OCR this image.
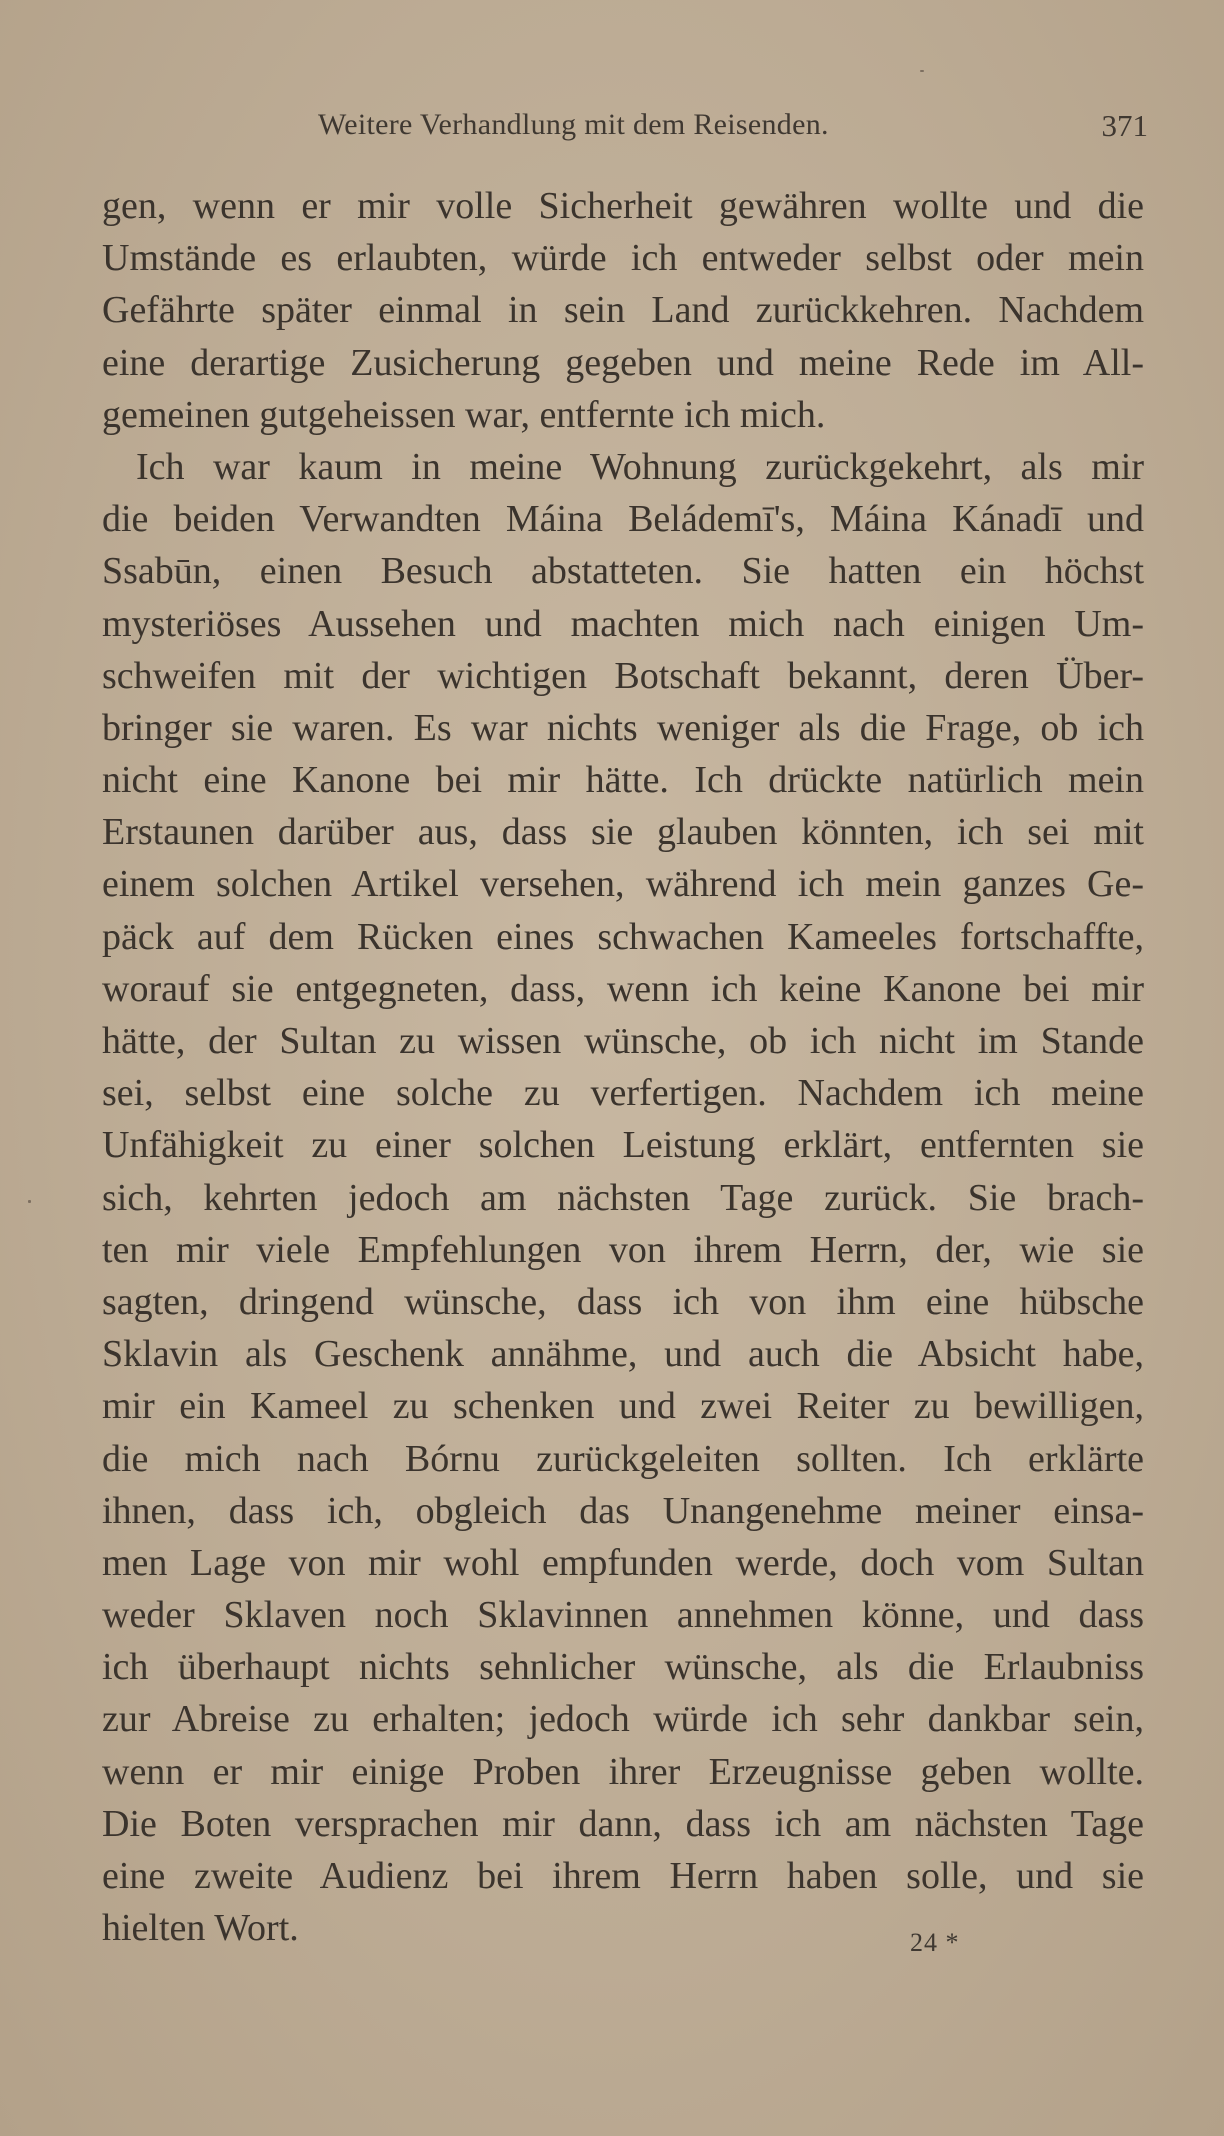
Weitere Verhandlung mit dem Reisenden.	371
gen, wenn er mir volle Sicherheit gewähren wollte und die
Umstände es erlaubten, würde ich entweder selbst oder mein
Gefährte später einmal in sein Land zurückkehren. Nachdem
eine derartige Zusicherung gegeben und meine Rede im All-
gemeinen gutgeheissen war, entfernte ich mich.
Ich war kaum in meine Wohnung zurückgekehrt, als mir
die beiden Verwandten Máina Beládemī's, Máina Kánadī und
Ssabūn, einen Besuch abstatteten. Sie hatten ein höchst
mysteriöses Aussehen und machten mich nach einigen Um-
schweifen mit der wichtigen Botschaft bekannt, deren Über-
bringer sie waren. Es war nichts weniger als die Frage, ob ich
nicht eine Kanone bei mir hätte. Ich drückte natürlich mein
Erstaunen darüber aus, dass sie glauben könnten, ich sei mit
einem solchen Artikel versehen, während ich mein ganzes Ge-
päck auf dem Rücken eines schwachen Kameeles fortschaffte,
worauf sie entgegneten, dass, wenn ich keine Kanone bei mir
hätte, der Sultan zu wissen wünsche, ob ich nicht im Stande
sei, selbst eine solche zu verfertigen. Nachdem ich meine
Unfähigkeit zu einer solchen Leistung erklärt, entfernten sie
sich, kehrten jedoch am nächsten Tage zurück. Sie brach-
ten mir viele Empfehlungen von ihrem Herrn, der, wie sie
sagten, dringend wünsche, dass ich von ihm eine hübsche
Sklavin als Geschenk annähme, und auch die Absicht habe,
mir ein Kameel zu schenken und zwei Reiter zu bewilligen,
die mich nach Bórnu zurückgeleiten sollten. Ich erklärte
ihnen, dass ich, obgleich das Unangenehme meiner einsa-
men Lage von mir wohl empfunden werde, doch vom Sultan
weder Sklaven noch Sklavinnen annehmen könne, und dass
ich überhaupt nichts sehnlicher wünsche, als die Erlaubniss
zur Abreise zu erhalten; jedoch würde ich sehr dankbar sein,
wenn er mir einige Proben ihrer Erzeugnisse geben wollte.
Die Boten versprachen mir dann, dass ich am nächsten Tage
eine zweite Audienz bei ihrem Herrn haben solle, und sie
hielten Wort.	24 *
